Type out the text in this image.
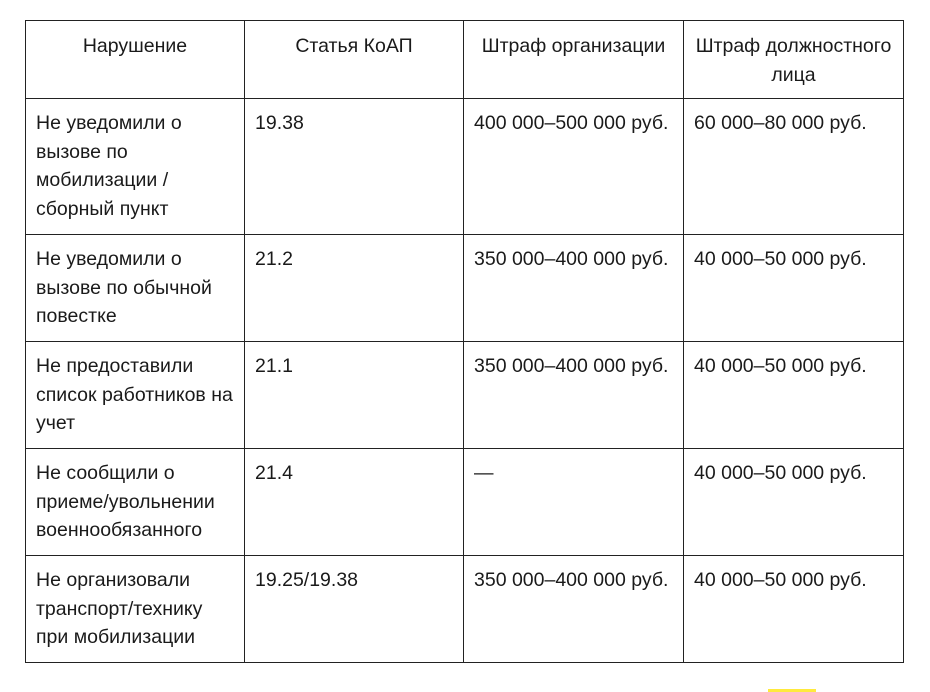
Нарушение	Статья КоАП	Штраф организации	Штраф должностного лица
Не уведомили о вызове по мобилизации / сборный пункт	19.38	400 000–500 000 руб.	60 000–80 000 руб.
Не уведомили о вызове по обычной повестке	21.2	350 000–400 000 руб.	40 000–50 000 руб.
Не предоставили список работников на учет	21.1	350 000–400 000 руб.	40 000–50 000 руб.
Не сообщили о приеме/увольнении военнообязанного	21.4	—	40 000–50 000 руб.
Не организовали транспорт/технику при мобилизации	19.25/19.38	350 000–400 000 руб.	40 000–50 000 руб.
